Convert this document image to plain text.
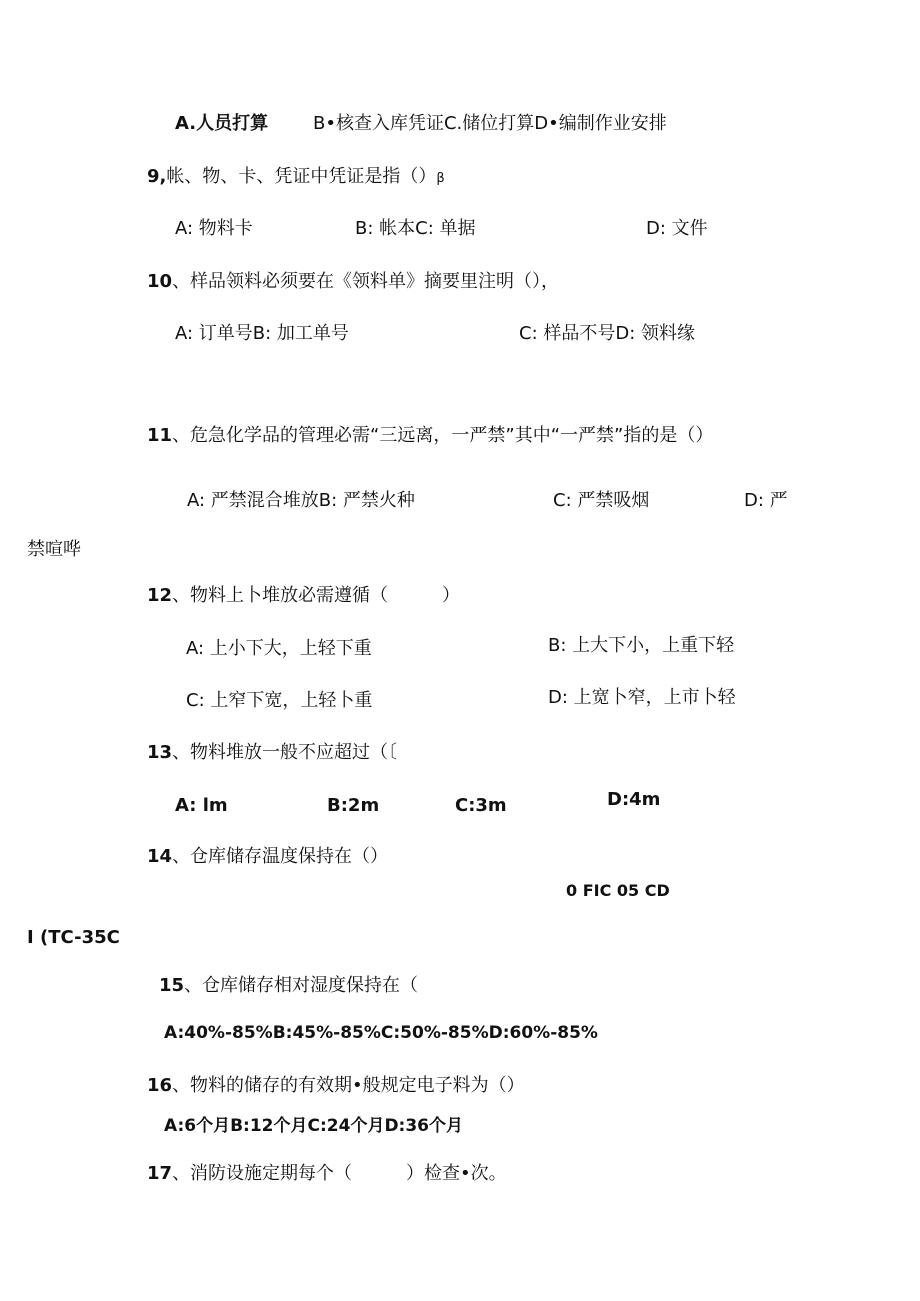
A.人员打算 B•核查入库凭证C.储位打算D•编制作业安排
9,帐、物、卡、凭证中凭证是指（）β
A: 物料卡	B: 帐本C: 单据	D: 文件
10、样品领料必须要在《领料单》摘要里注明（），
A: 订单号B: 加工单号	C: 样品不号D: 领料缘
11、危急化学品的管理必需“三远离，一严禁”其中“一严禁”指的是（）
A: 严禁混合堆放B: 严禁火种	C: 严禁吸烟	D: 严
禁喧哗
12、物料上卜堆放必需遵循（　　　）
A: 上小下大，上轻下重	B: 上大下小，上重下轻
C: 上窄下宽，上轻卜重	D: 上宽卜窄，上市卜轻
13、物料堆放一般不应超过（〔
A: lm	B:2m	C:3m	D:4m
14、仓库储存温度保持在（）
0 FIC 05 CD
I (TC-35C
15、仓库储存相对湿度保持在（
A:40%-85%B:45%-85%C:50%-85%D:60%-85%
16、物料的储存的有效期•般规定电子料为（）
A:6个月B:12个月C:24个月D:36个月
17、消防设施定期每个（　　　）检查•次。
